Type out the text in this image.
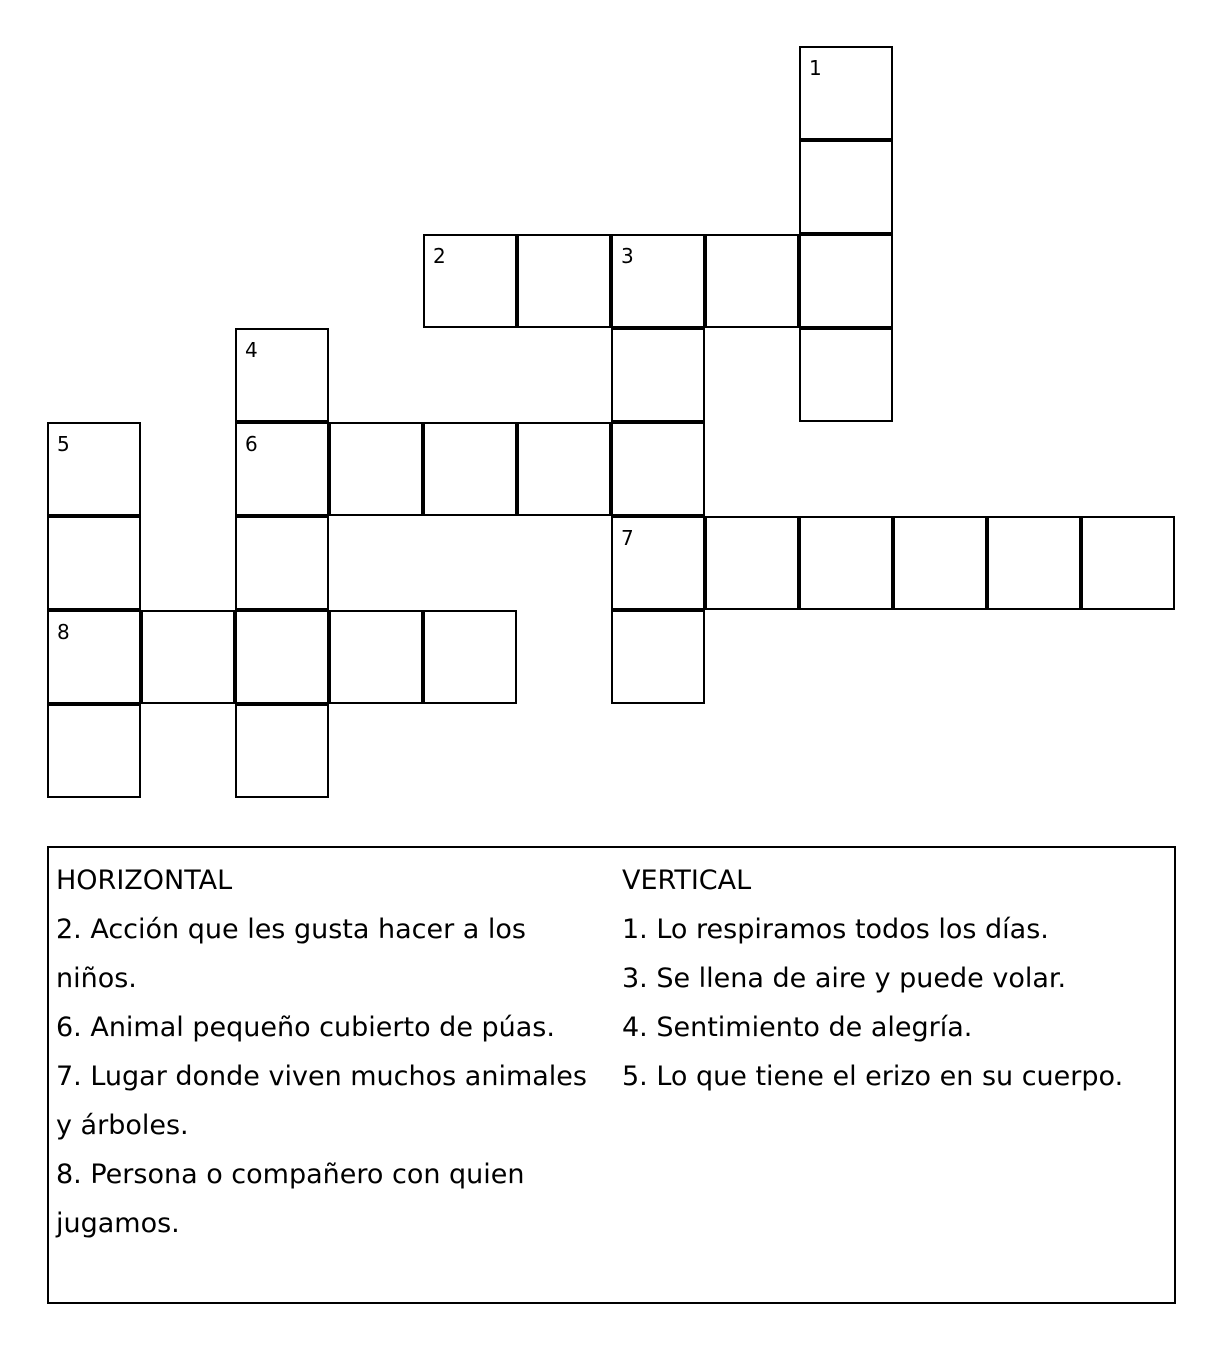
1
2	3
4
5	6
7
8

HORIZONTAL

2. Acción que les gusta hacer a los niños.

6. Animal pequeño cubierto de púas.

7. Lugar donde viven muchos animales y árboles.

8. Persona o compañero con quien jugamos.

VERTICAL

1. Lo respiramos todos los días.

3. Se llena de aire y puede volar.

4. Sentimiento de alegría.

5. Lo que tiene el erizo en su cuerpo.
